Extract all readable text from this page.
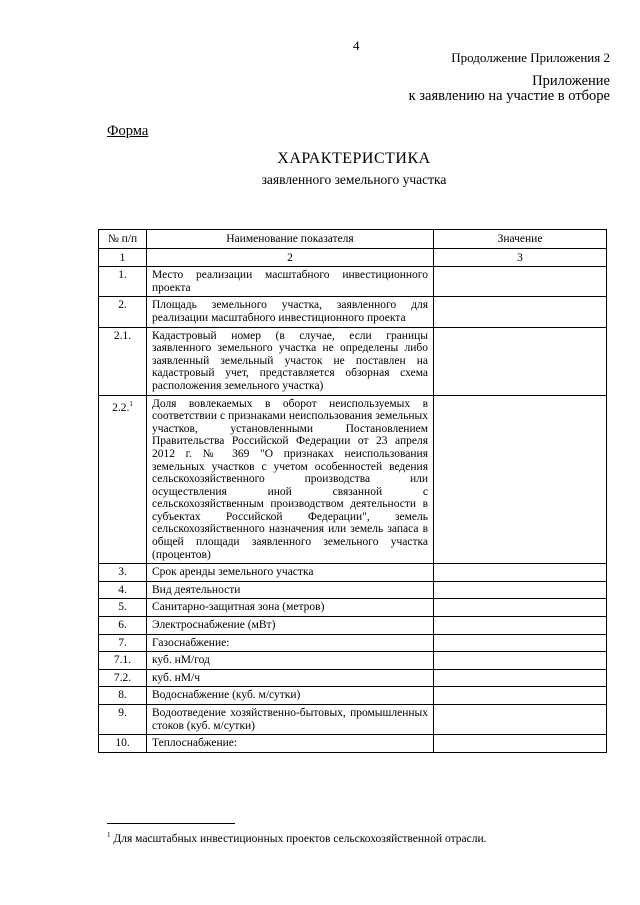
4
Продолжение Приложения 2
Приложение
к заявлению на участие в отборе
Форма
ХАРАКТЕРИСТИКА
заявленного земельного участка
№ п/п	Наименование показателя	Значение
1	2	3
1.	Место реализации масштабного инвестиционного проекта	
2.	Площадь земельного участка, заявленного для реализации масштабного инвестиционного проекта	
2.1.	Кадастровый номер (в случае, если границы заявленного земельного участка не определены либо заявленный земельный участок не поставлен на кадастровый учет, представляется обзорная схема расположения земельного участка)	
2.2.$^1$	Доля вовлекаемых в оборот неиспользуемых в соответствии с признаками неиспользования земельных участков, установленными Постановлением Правительства Российской Федерации от 23 апреля 2012 г. № 369 "О признаках неиспользования земельных участков с учетом особенностей ведения сельскохозяйственного производства или осуществления иной связанной с сельскохозяйственным производством деятельности в субъектах Российской Федерации", земель сельскохозяйственного назначения или земель запаса в общей площади заявленного земельного участка (процентов)	
3.	Срок аренды земельного участка	
4.	Вид деятельности	
5.	Санитарно-защитная зона (метров)	
6.	Электроснабжение (мВт)	
7.	Газоснабжение:	
7.1.	куб. нМ/год	
7.2.	куб. нМ/ч	
8.	Водоснабжение (куб. м/сутки)	
9.	Водоотведение хозяйственно-бытовых, промышленных стоков (куб. м/сутки)	
10.	Теплоснабжение:	
$^1$ Для масштабных инвестиционных проектов сельскохозяйственной отрасли.
